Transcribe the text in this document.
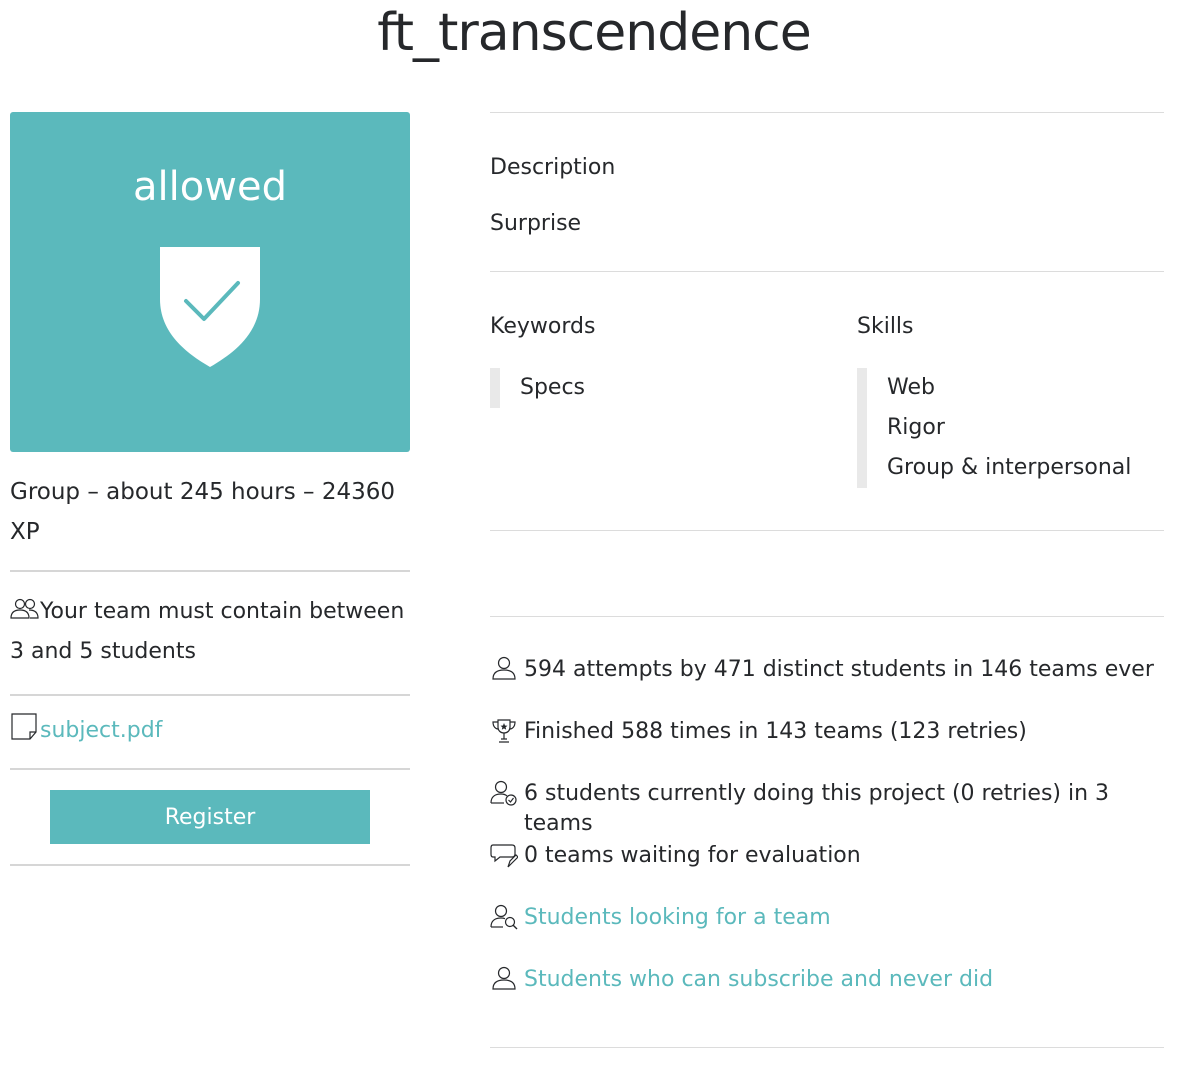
ft_transcendence
allowed
Group – about 245 hours – 24360 XP
Your team must contain between 3 and 5 students
subject.pdf
Register
Description
Surprise
Keywords
Specs
Skills
Web
Rigor
Group & interpersonal
594 attempts by 471 distinct students in 146 teams ever
Finished 588 times in 143 teams (123 retries)
6 students currently doing this project (0 retries) in 3 teams
0 teams waiting for evaluation
Students looking for a team
Students who can subscribe and never did
